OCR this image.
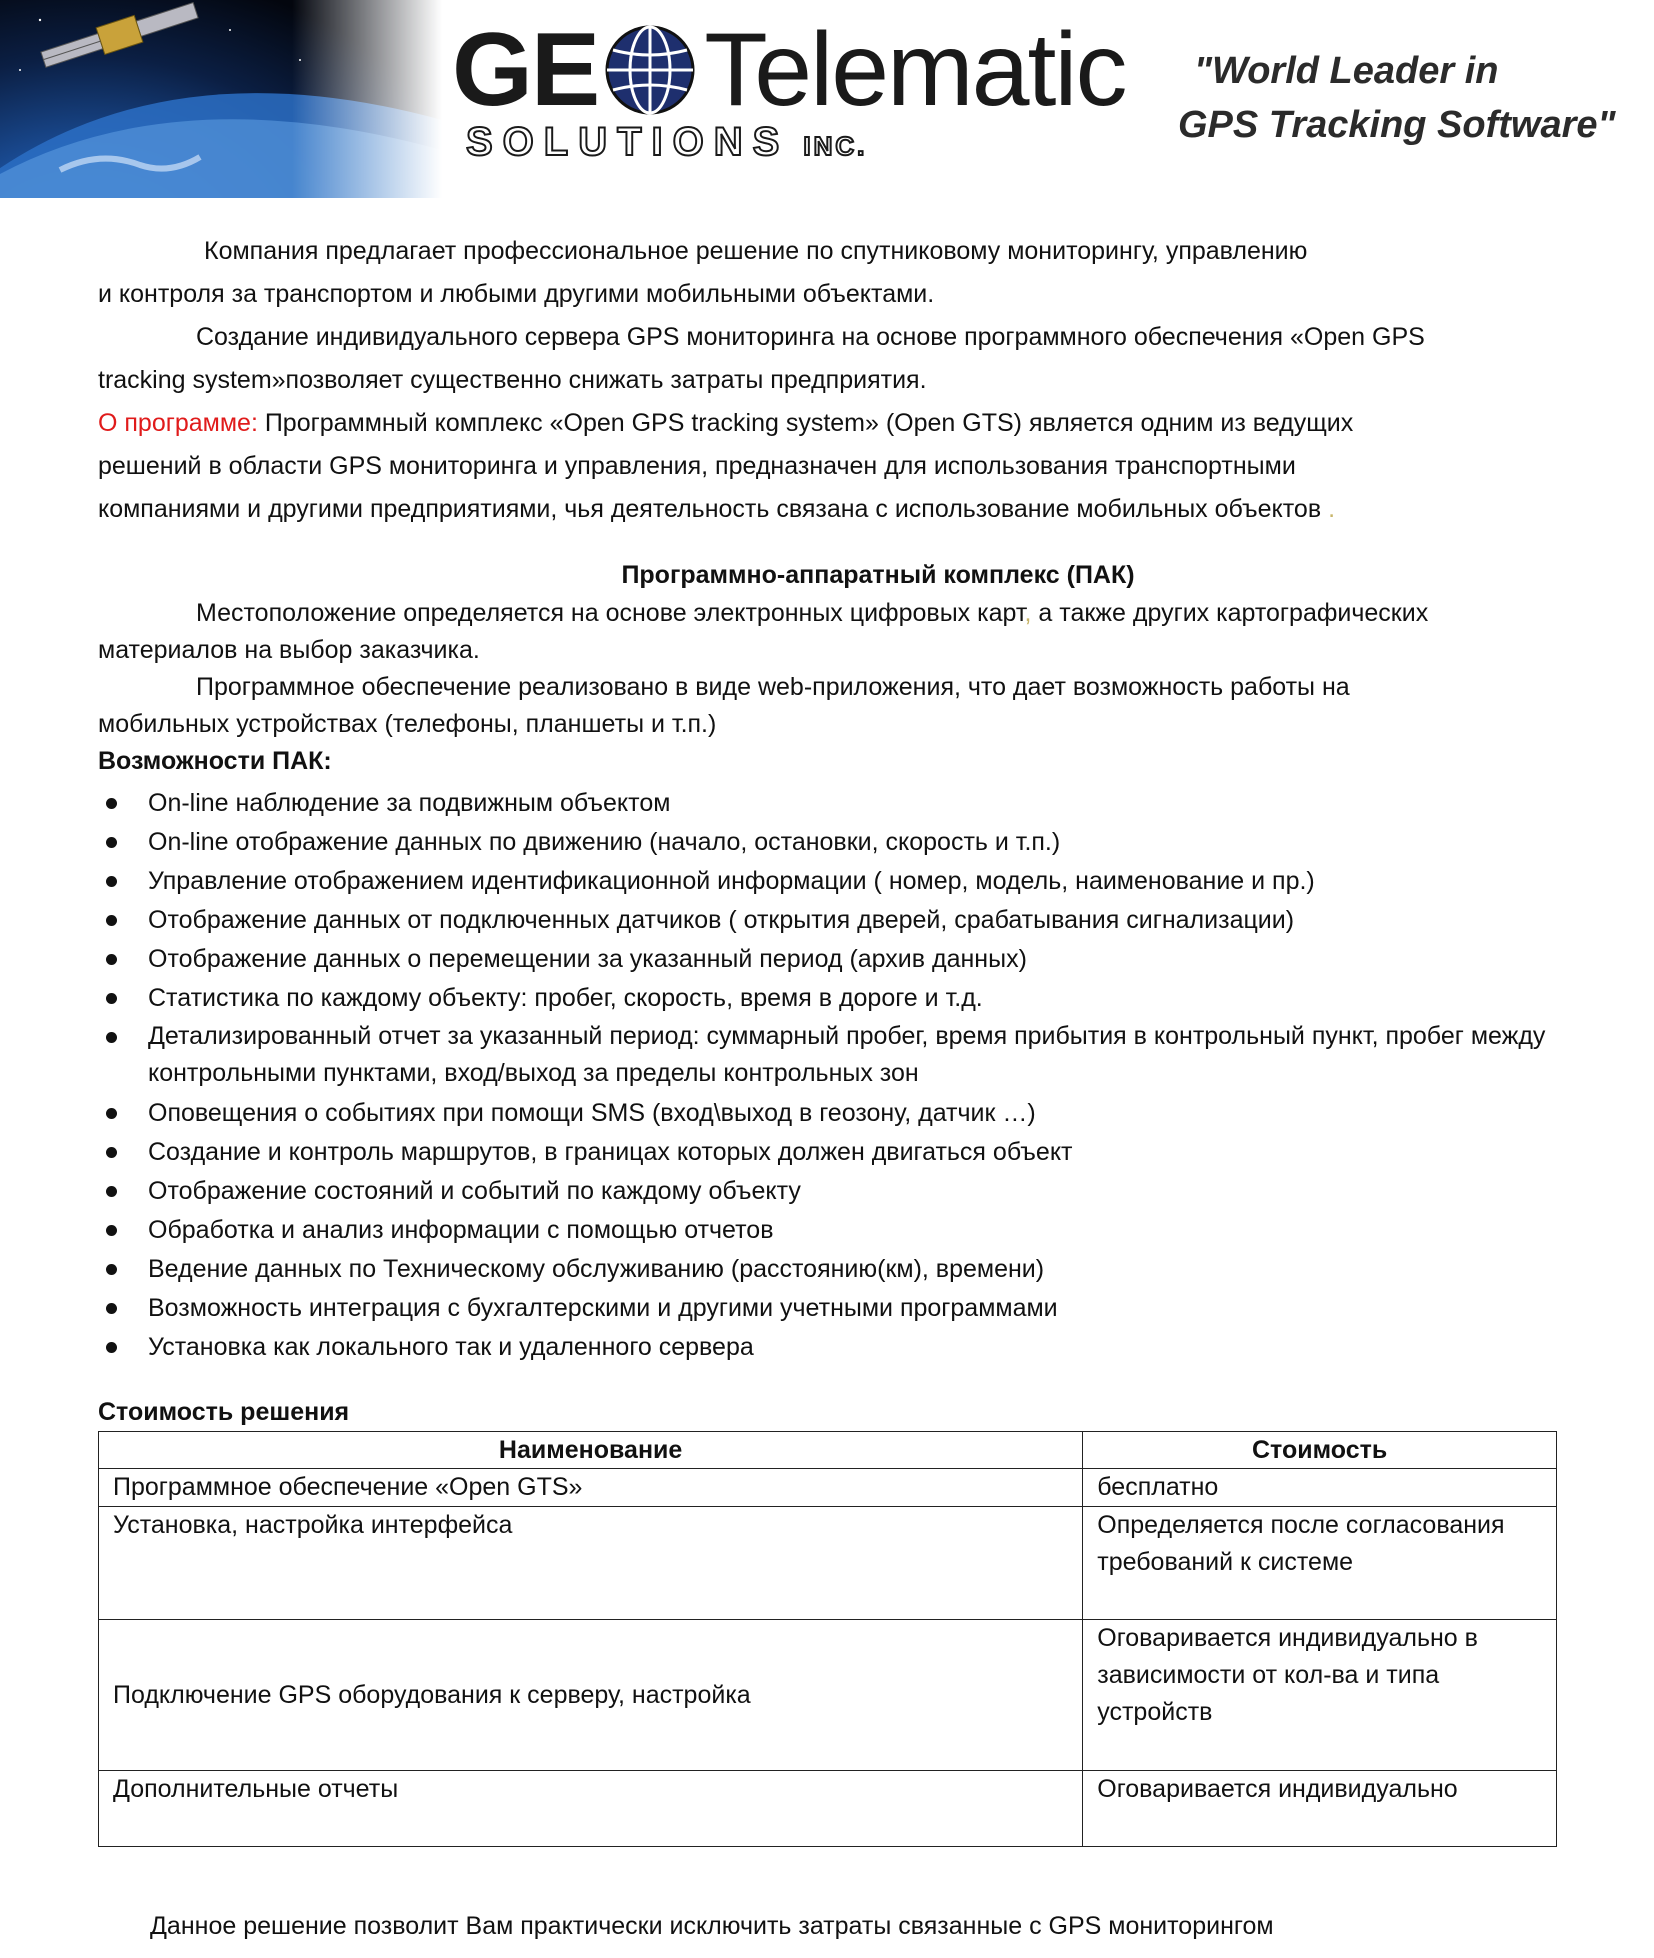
GE Telematic
SOLUTIONS INC.
"World Leader in
GPS Tracking Software"
Компания предлагает профессиональное решение по спутниковому мониторингу, управлению
и контроля за транспортом и любыми другими мобильными объектами.
Создание индивидуального сервера GPS мониторинга на основе программного обеспечения «Open GPS
tracking system»позволяет существенно снижать затраты предприятия.
О программе: Программный комплекс «Open GPS tracking system» (Open GTS) является одним из ведущих
решений в области GPS мониторинга и управления, предназначен для использования транспортными
компаниями и другими предприятиями, чья деятельность связана с использование мобильных объектов .
Программно-аппаратный комплекс (ПАК)
Местоположение определяется на основе электронных цифровых карт, а также других картографических
материалов на выбор заказчика.
Программное обеспечение реализовано в виде web-приложения, что дает возможность работы на
мобильных устройствах (телефоны, планшеты и т.п.)
Возможности ПАК:
On-line наблюдение за подвижным объектом
On-line отображение данных по движению (начало, остановки, скорость и т.п.)
Управление отображением идентификационной информации ( номер, модель, наименование и пр.)
Отображение данных от подключенных датчиков ( открытия дверей, срабатывания сигнализации)
Отображение данных о перемещении за указанный период (архив данных)
Статистика по каждому объекту: пробег, скорость, время в дороге и т.д.
Детализированный отчет за указанный период: суммарный пробег, время прибытия в контрольный пункт, пробег между контрольными пунктами, вход/выход за пределы контрольных зон
Оповещения о событиях при помощи SMS (вход\выход в геозону, датчик …)
Создание и контроль маршрутов, в границах которых должен двигаться объект
Отображение состояний и событий по каждому объекту
Обработка и анализ информации с помощью отчетов
Ведение данных по Техническому обслуживанию (расстоянию(км), времени)
Возможность интеграция с бухгалтерскими и другими учетными программами
Установка как локального так и удаленного сервера
Стоимость решения
Наименование	Стоимость
Программное обеспечение «Open GTS»	бесплатно
Установка, настройка интерфейса	Определяется после согласования требований к системе
Подключение GPS оборудования к серверу, настройка	Оговаривается индивидуально в зависимости от кол-ва и типа устройств
Дополнительные отчеты	Оговаривается индивидуально
Данное решение позволит Вам практически исключить затраты связанные с GPS мониторингом
